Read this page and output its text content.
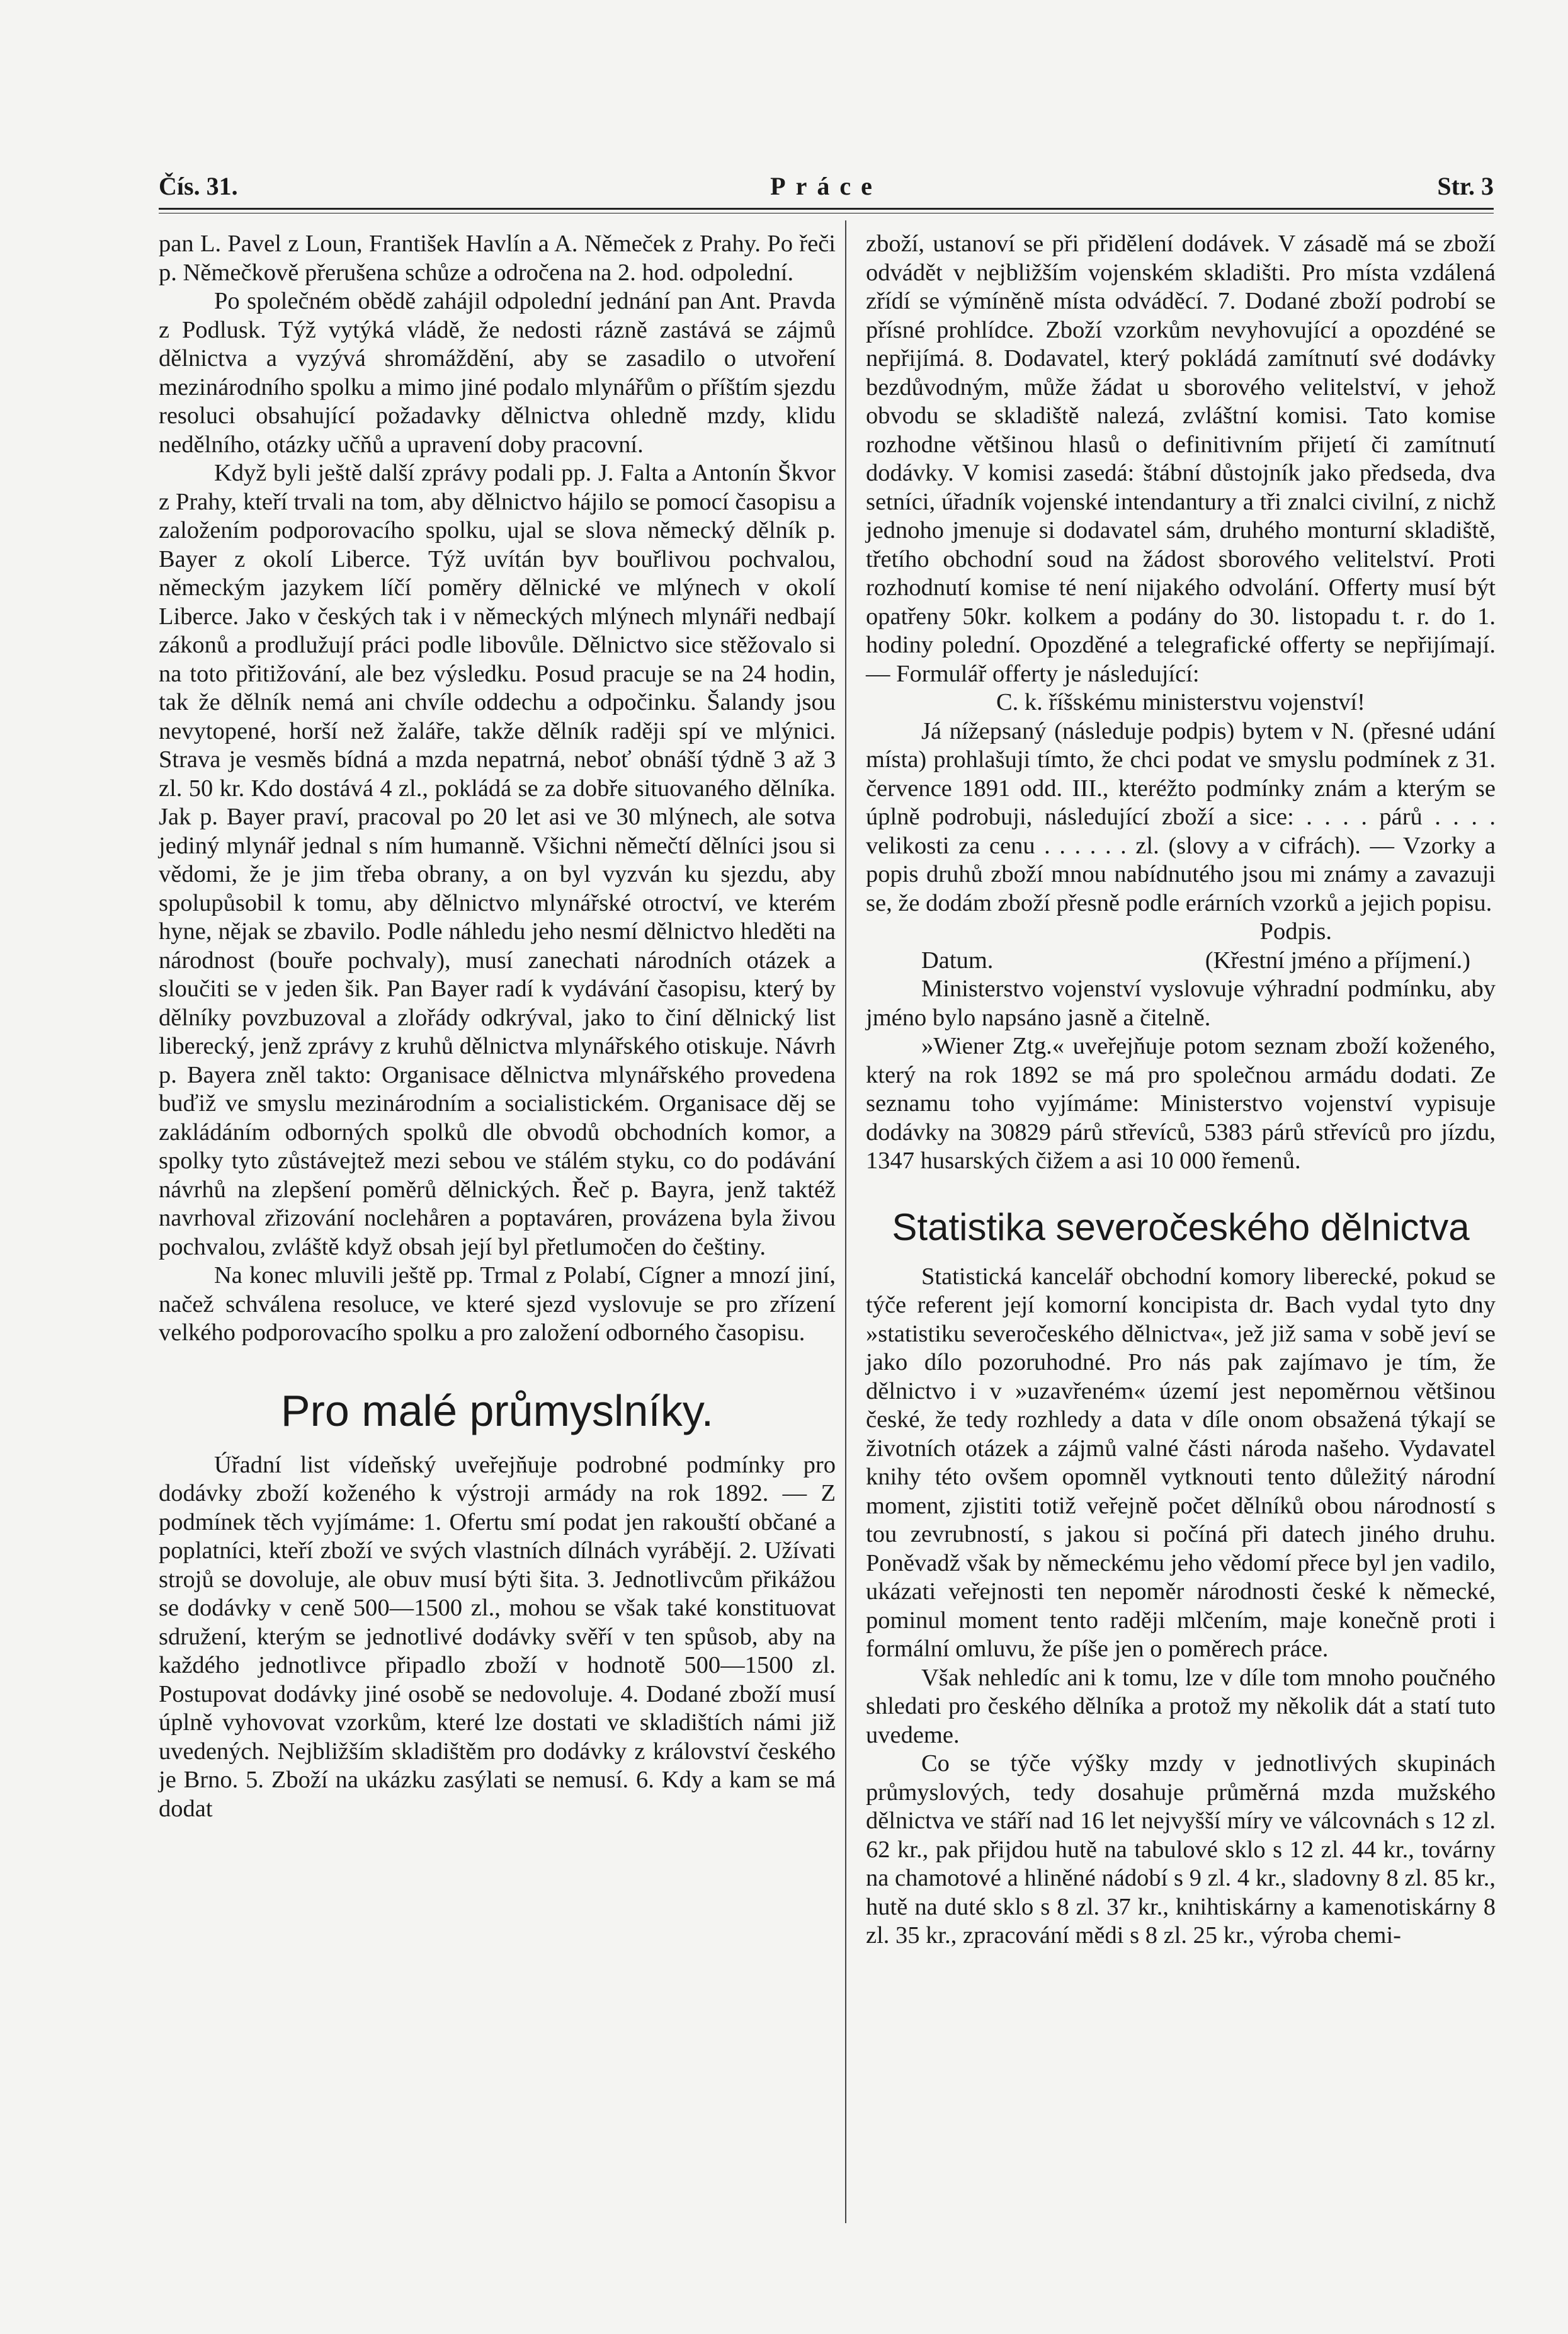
Čís. 31.	Práce	Str. 3

pan L. Pavel z Loun, František Havlín a A. Němeček z Prahy. Po řeči p. Němečkově přerušena schůze a odročena na 2. hod. odpolední.

Po společném obědě zahájil odpolední jednání pan Ant. Pravda z Podlusk. Týž vytýká vládě, že nedosti rázně zastává se zájmů dělnictva a vyzývá shromáždění, aby se zasadilo o utvoření mezinárodního spolku a mimo jiné podalo mlynářům o příštím sjezdu resoluci obsahující požadavky dělnictva ohledně mzdy, klidu nedělního, otázky učňů a upravení doby pracovní.

Když byli ještě další zprávy podali pp. J. Falta a Antonín Škvor z Prahy, kteří trvali na tom, aby dělnictvo hájilo se pomocí časopisu a založením podporovacího spolku, ujal se slova německý dělník p. Bayer z okolí Liberce. Týž uvítán byv bouřlivou pochvalou, německým jazykem líčí poměry dělnické ve mlýnech v okolí Liberce. Jako v českých tak i v německých mlýnech mlynáři nedbají zákonů a prodlužují práci podle libovůle. Dělnictvo sice stěžovalo si na toto přitižování, ale bez výsledku. Posud pracuje se na 24 hodin, tak že dělník nemá ani chvíle oddechu a odpočinku. Šalandy jsou nevytopené, horší než žaláře, takže dělník raději spí ve mlýnici. Strava je vesměs bídná a mzda nepatrná, neboť obnáší týdně 3 až 3 zl. 50 kr. Kdo dostává 4 zl., pokládá se za dobře situovaného dělníka. Jak p. Bayer praví, pracoval po 20 let asi ve 30 mlýnech, ale sotva jediný mlynář jednal s ním humanně. Všichni němečtí dělníci jsou si vědomi, že je jim třeba obrany, a on byl vyzván ku sjezdu, aby spolupůsobil k tomu, aby dělnictvo mlynářské otroctví, ve kterém hyne, nějak se zbavilo. Podle náhledu jeho nesmí dělnictvo hleděti na národnost (bouře pochvaly), musí zanechati národních otázek a sloučiti se v jeden šik. Pan Bayer radí k vydávání časopisu, který by dělníky povzbuzoval a zlořády odkrýval, jako to činí dělnický list liberecký, jenž zprávy z kruhů dělnictva mlynářského otiskuje. Návrh p. Bayera zněl takto: Organisace dělnictva mlynářského provedena buďiž ve smyslu mezinárodním a socialistickém. Organisace děj se zakládáním odborných spolků dle obvodů obchodních komor, a spolky tyto zůstávejtež mezi sebou ve stálém styku, co do podávání návrhů na zlepšení poměrů dělnických. Řeč p. Bayra, jenž taktéž navrhoval zřizování noclehåren a poptaváren, provázena byla živou pochvalou, zvláště když obsah její byl přetlumočen do češtiny.

Na konec mluvili ještě pp. Trmal z Polabí, Cígner a mnozí jiní, načež schválena resoluce, ve které sjezd vyslovuje se pro zřízení velkého podporovacího spolku a pro založení odborného časopisu.

Pro malé průmyslníky.

Úřadní list vídeňský uveřejňuje podrobné podmínky pro dodávky zboží koženého k výstroji armády na rok 1892. — Z podmínek těch vyjímáme: 1. Ofertu smí podat jen rakouští občané a poplatníci, kteří zboží ve svých vlastních dílnách vyrábějí. 2. Užívati strojů se dovoluje, ale obuv musí býti šita. 3. Jednotlivcům přikážou se dodávky v ceně 500—1500 zl., mohou se však také konstituovat sdružení, kterým se jednotlivé dodávky svěří v ten spůsob, aby na každého jednotlivce připadlo zboží v hodnotě 500—1500 zl. Postupovat dodávky jiné osobě se nedovoluje. 4. Dodané zboží musí úplně vyhovovat vzorkům, které lze dostati ve skladištích námi již uvedených. Nejbližším skladištěm pro dodávky z království českého je Brno. 5. Zboží na ukázku zasýlati se nemusí. 6. Kdy a kam se má dodat

zboží, ustanoví se při přidělení dodávek. V zásadě má se zboží odvádět v nejbližším vojenském skladišti. Pro místa vzdálená zřídí se výmíněně místa odváděcí. 7. Dodané zboží podrobí se přísné prohlídce. Zboží vzorkům nevyhovující a opozdéné se nepřijímá. 8. Dodavatel, který pokládá zamítnutí své dodávky bezdůvodným, může žádat u sborového velitelství, v jehož obvodu se skladiště nalezá, zvláštní komisi. Tato komise rozhodne většinou hlasů o definitivním přijetí či zamítnutí dodávky. V komisi zasedá: štábní důstojník jako předseda, dva setníci, úřadník vojenské intendantury a tři znalci civilní, z nichž jednoho jmenuje si dodavatel sám, druhého monturní skladiště, třetího obchodní soud na žádost sborového velitelství. Proti rozhodnutí komise té není nijakého odvolání. Offerty musí být opatřeny 50kr. kolkem a podány do 30. listopadu t. r. do 1. hodiny polední. Opozděné a telegrafické offerty se nepřijímají. — Formulář offerty je následující:

C. k. říšskému ministerstvu vojenství!

Já nížepsaný (následuje podpis) bytem v N. (přesné udání místa) prohlašuji tímto, že chci podat ve smyslu podmínek z 31. července 1891 odd. III., kteréžto podmínky znám a kterým se úplně podrobuji, následující zboží a sice: . . . . párů . . . . velikosti za cenu . . . . . . zl. (slovy a v cifrách). — Vzorky a popis druhů zboží mnou nabídnutého jsou mi známy a zavazuji se, že dodám zboží přesně podle erárních vzorků a jejich popisu.

Podpis.

Datum.	(Křestní jméno a příjmení.)

Ministerstvo vojenství vyslovuje výhradní podmínku, aby jméno bylo napsáno jasně a čitelně.

»Wiener Ztg.« uveřejňuje potom seznam zboží koženého, který na rok 1892 se má pro společnou armádu dodati. Ze seznamu toho vyjímáme: Ministerstvo vojenství vypisuje dodávky na 30829 párů střevíců, 5383 párů střevíců pro jízdu, 1347 husarských čižem a asi 10 000 řemenů.

Statistika severočeského dělnictva

Statistická kancelář obchodní komory liberecké, pokud se týče referent její komorní koncipista dr. Bach vydal tyto dny »statistiku severočeského dělnictva«, jež již sama v sobě jeví se jako dílo pozoruhodné. Pro nás pak zajímavo je tím, že dělnictvo i v »uzavřeném« území jest nepoměrnou většinou české, že tedy rozhledy a data v díle onom obsažená týkají se životních otázek a zájmů valné části národa našeho. Vydavatel knihy této ovšem opomněl vytknouti tento důležitý národní moment, zjistiti totiž veřejně počet dělníků obou národností s tou zevrubností, s jakou si počíná při datech jiného druhu. Poněvadž však by německému jeho vědomí přece byl jen vadilo, ukázati veřejnosti ten nepoměr národnosti české k německé, pominul moment tento raději mlčením, maje konečně proti i formální omluvu, že píše jen o poměrech práce.

Však nehledíc ani k tomu, lze v díle tom mnoho poučného shledati pro českého dělníka a protož my několik dát a statí tuto uvedeme.

Co se týče výšky mzdy v jednotlivých skupinách průmyslových, tedy dosahuje průměrná mzda mužského dělnictva ve stáří nad 16 let nejvyšší míry ve válcovnách s 12 zl. 62 kr., pak přijdou hutě na tabulové sklo s 12 zl. 44 kr., továrny na chamotové a hliněné nádobí s 9 zl. 4 kr., sladovny 8 zl. 85 kr., hutě na duté sklo s 8 zl. 37 kr., knihtiskárny a kamenotiskárny 8 zl. 35 kr., zpracování mědi s 8 zl. 25 kr., výroba chemi-
